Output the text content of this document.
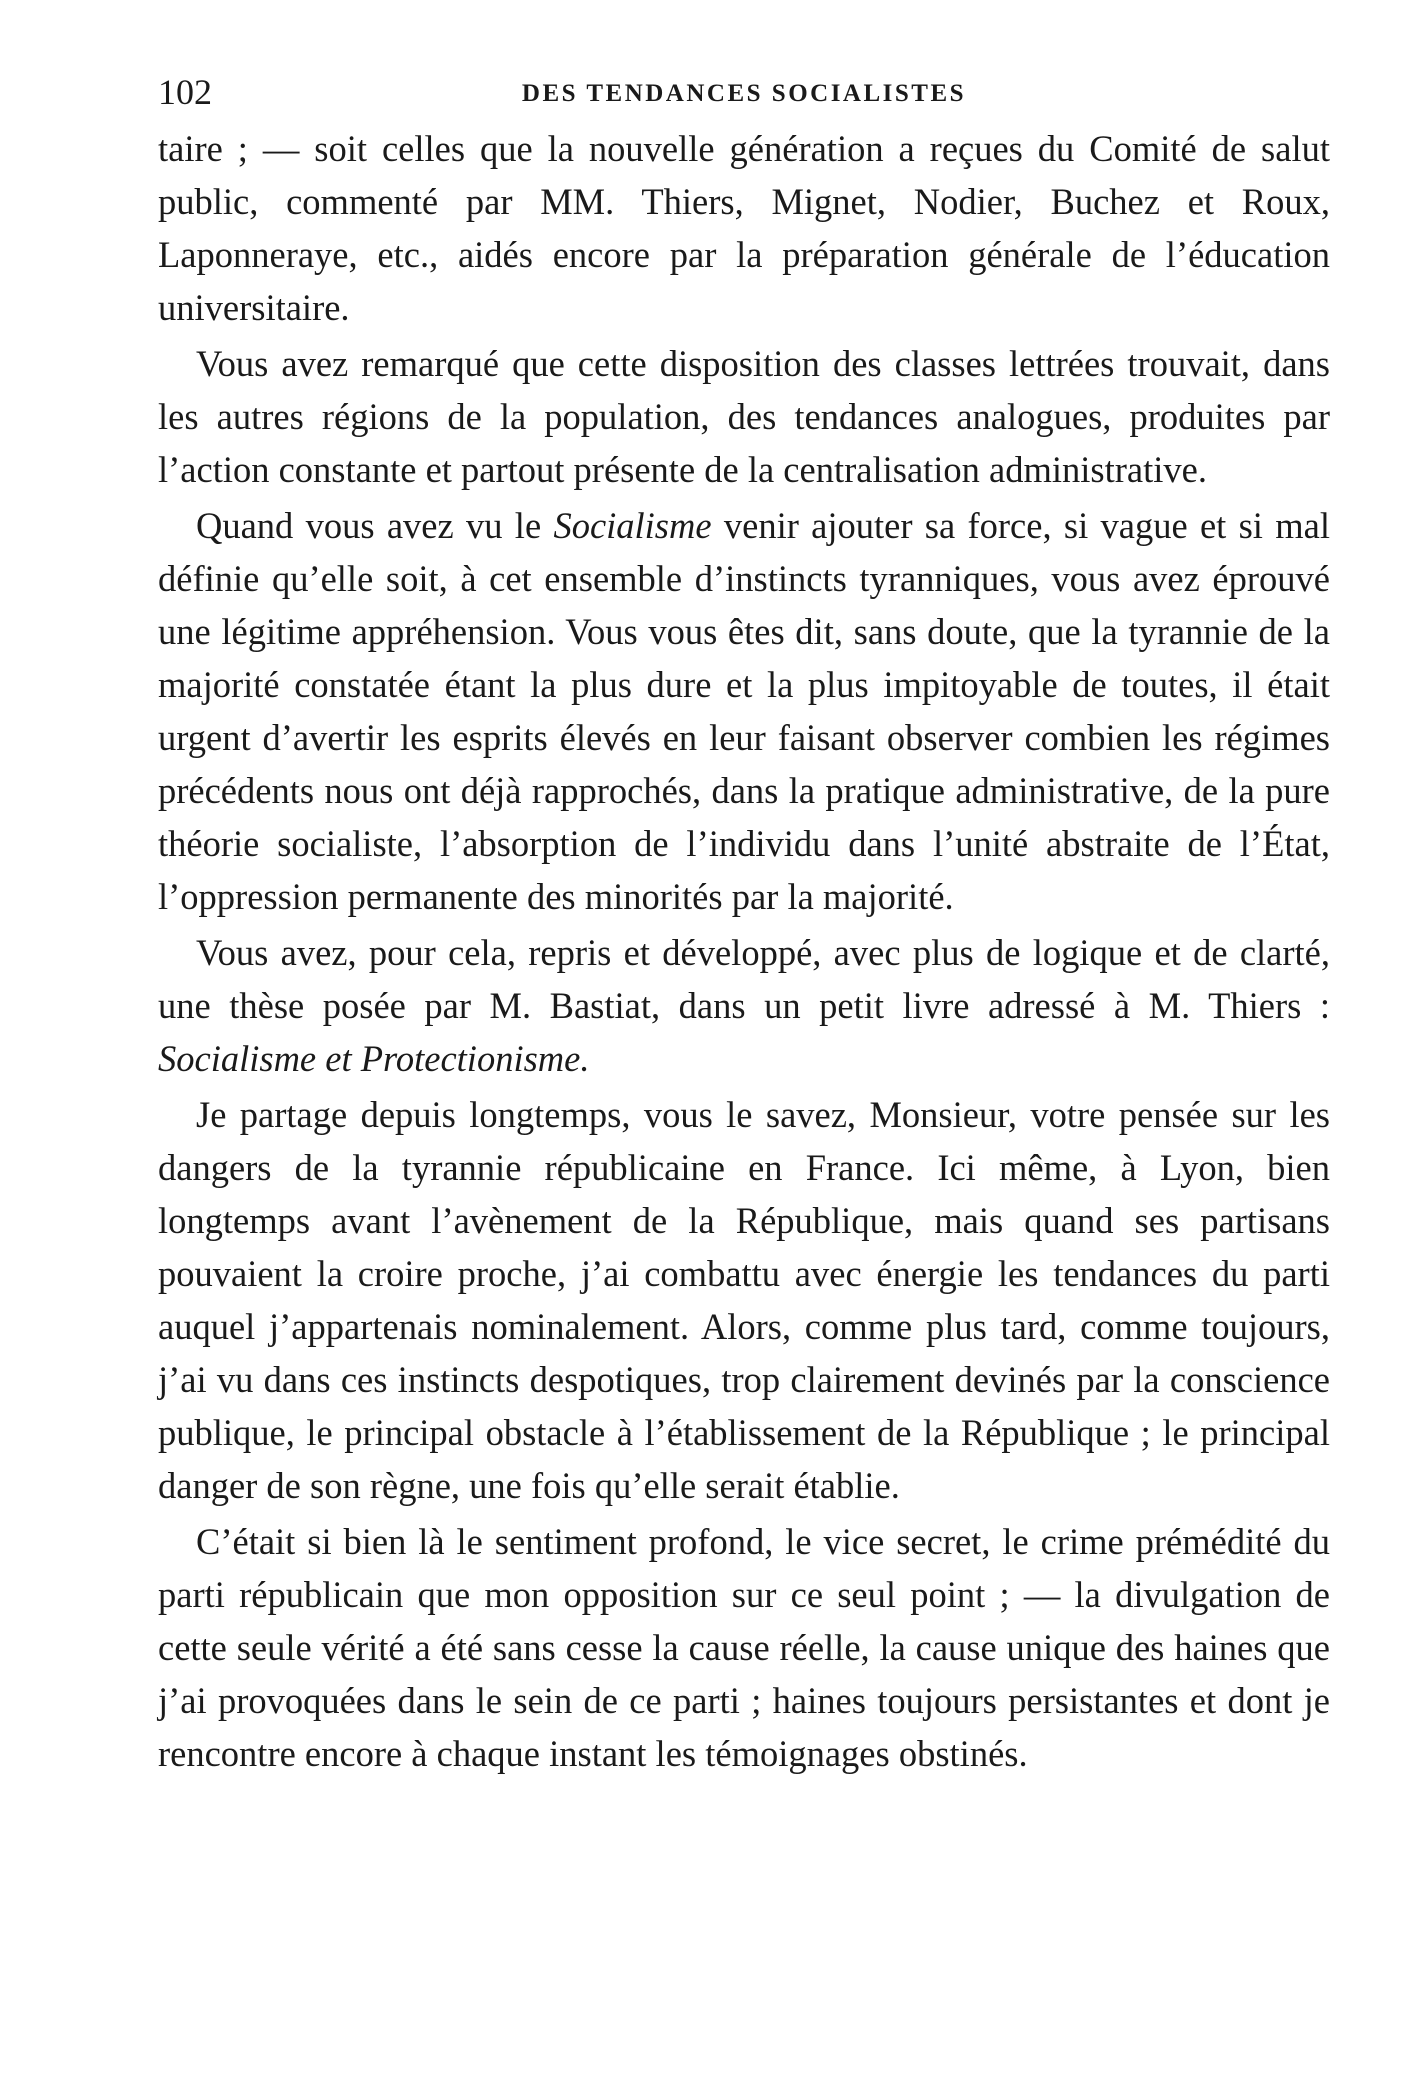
102	DES TENDANCES SOCIALISTES

taire ; — soit celles que la nouvelle génération a reçues du Comité de salut public, commenté par MM. Thiers, Mignet, Nodier, Buchez et Roux, Laponneraye, etc., aidés encore par la préparation générale de l’éducation universitaire.

Vous avez remarqué que cette disposition des classes lettrées trouvait, dans les autres régions de la population, des tendances analogues, produites par l’action constante et partout présente de la centralisation administrative.

Quand vous avez vu le Socialisme venir ajouter sa force, si vague et si mal définie qu’elle soit, à cet ensemble d’instincts tyranniques, vous avez éprouvé une légitime appréhension. Vous vous êtes dit, sans doute, que la tyrannie de la majorité constatée étant la plus dure et la plus impitoyable de toutes, il était urgent d’avertir les esprits élevés en leur faisant observer combien les régimes précédents nous ont déjà rapprochés, dans la pratique administrative, de la pure théorie socialiste, l’absorption de l’individu dans l’unité abstraite de l’État, l’oppression permanente des minorités par la majorité.

Vous avez, pour cela, repris et développé, avec plus de logique et de clarté, une thèse posée par M. Bastiat, dans un petit livre adressé à M. Thiers : Socialisme et Protectionisme.

Je partage depuis longtemps, vous le savez, Monsieur, votre pensée sur les dangers de la tyrannie républicaine en France. Ici même, à Lyon, bien longtemps avant l’avènement de la République, mais quand ses partisans pouvaient la croire proche, j’ai combattu avec énergie les tendances du parti auquel j’appartenais nominalement. Alors, comme plus tard, comme toujours, j’ai vu dans ces instincts despotiques, trop clairement devinés par la conscience publique, le principal obstacle à l’établissement de la République ; le principal danger de son règne, une fois qu’elle serait établie.

C’était si bien là le sentiment profond, le vice secret, le crime prémédité du parti républicain que mon opposition sur ce seul point ; — la divulgation de cette seule vérité a été sans cesse la cause réelle, la cause unique des haines que j’ai provoquées dans le sein de ce parti ; haines toujours persistantes et dont je rencontre encore à chaque instant les témoignages obstinés.
